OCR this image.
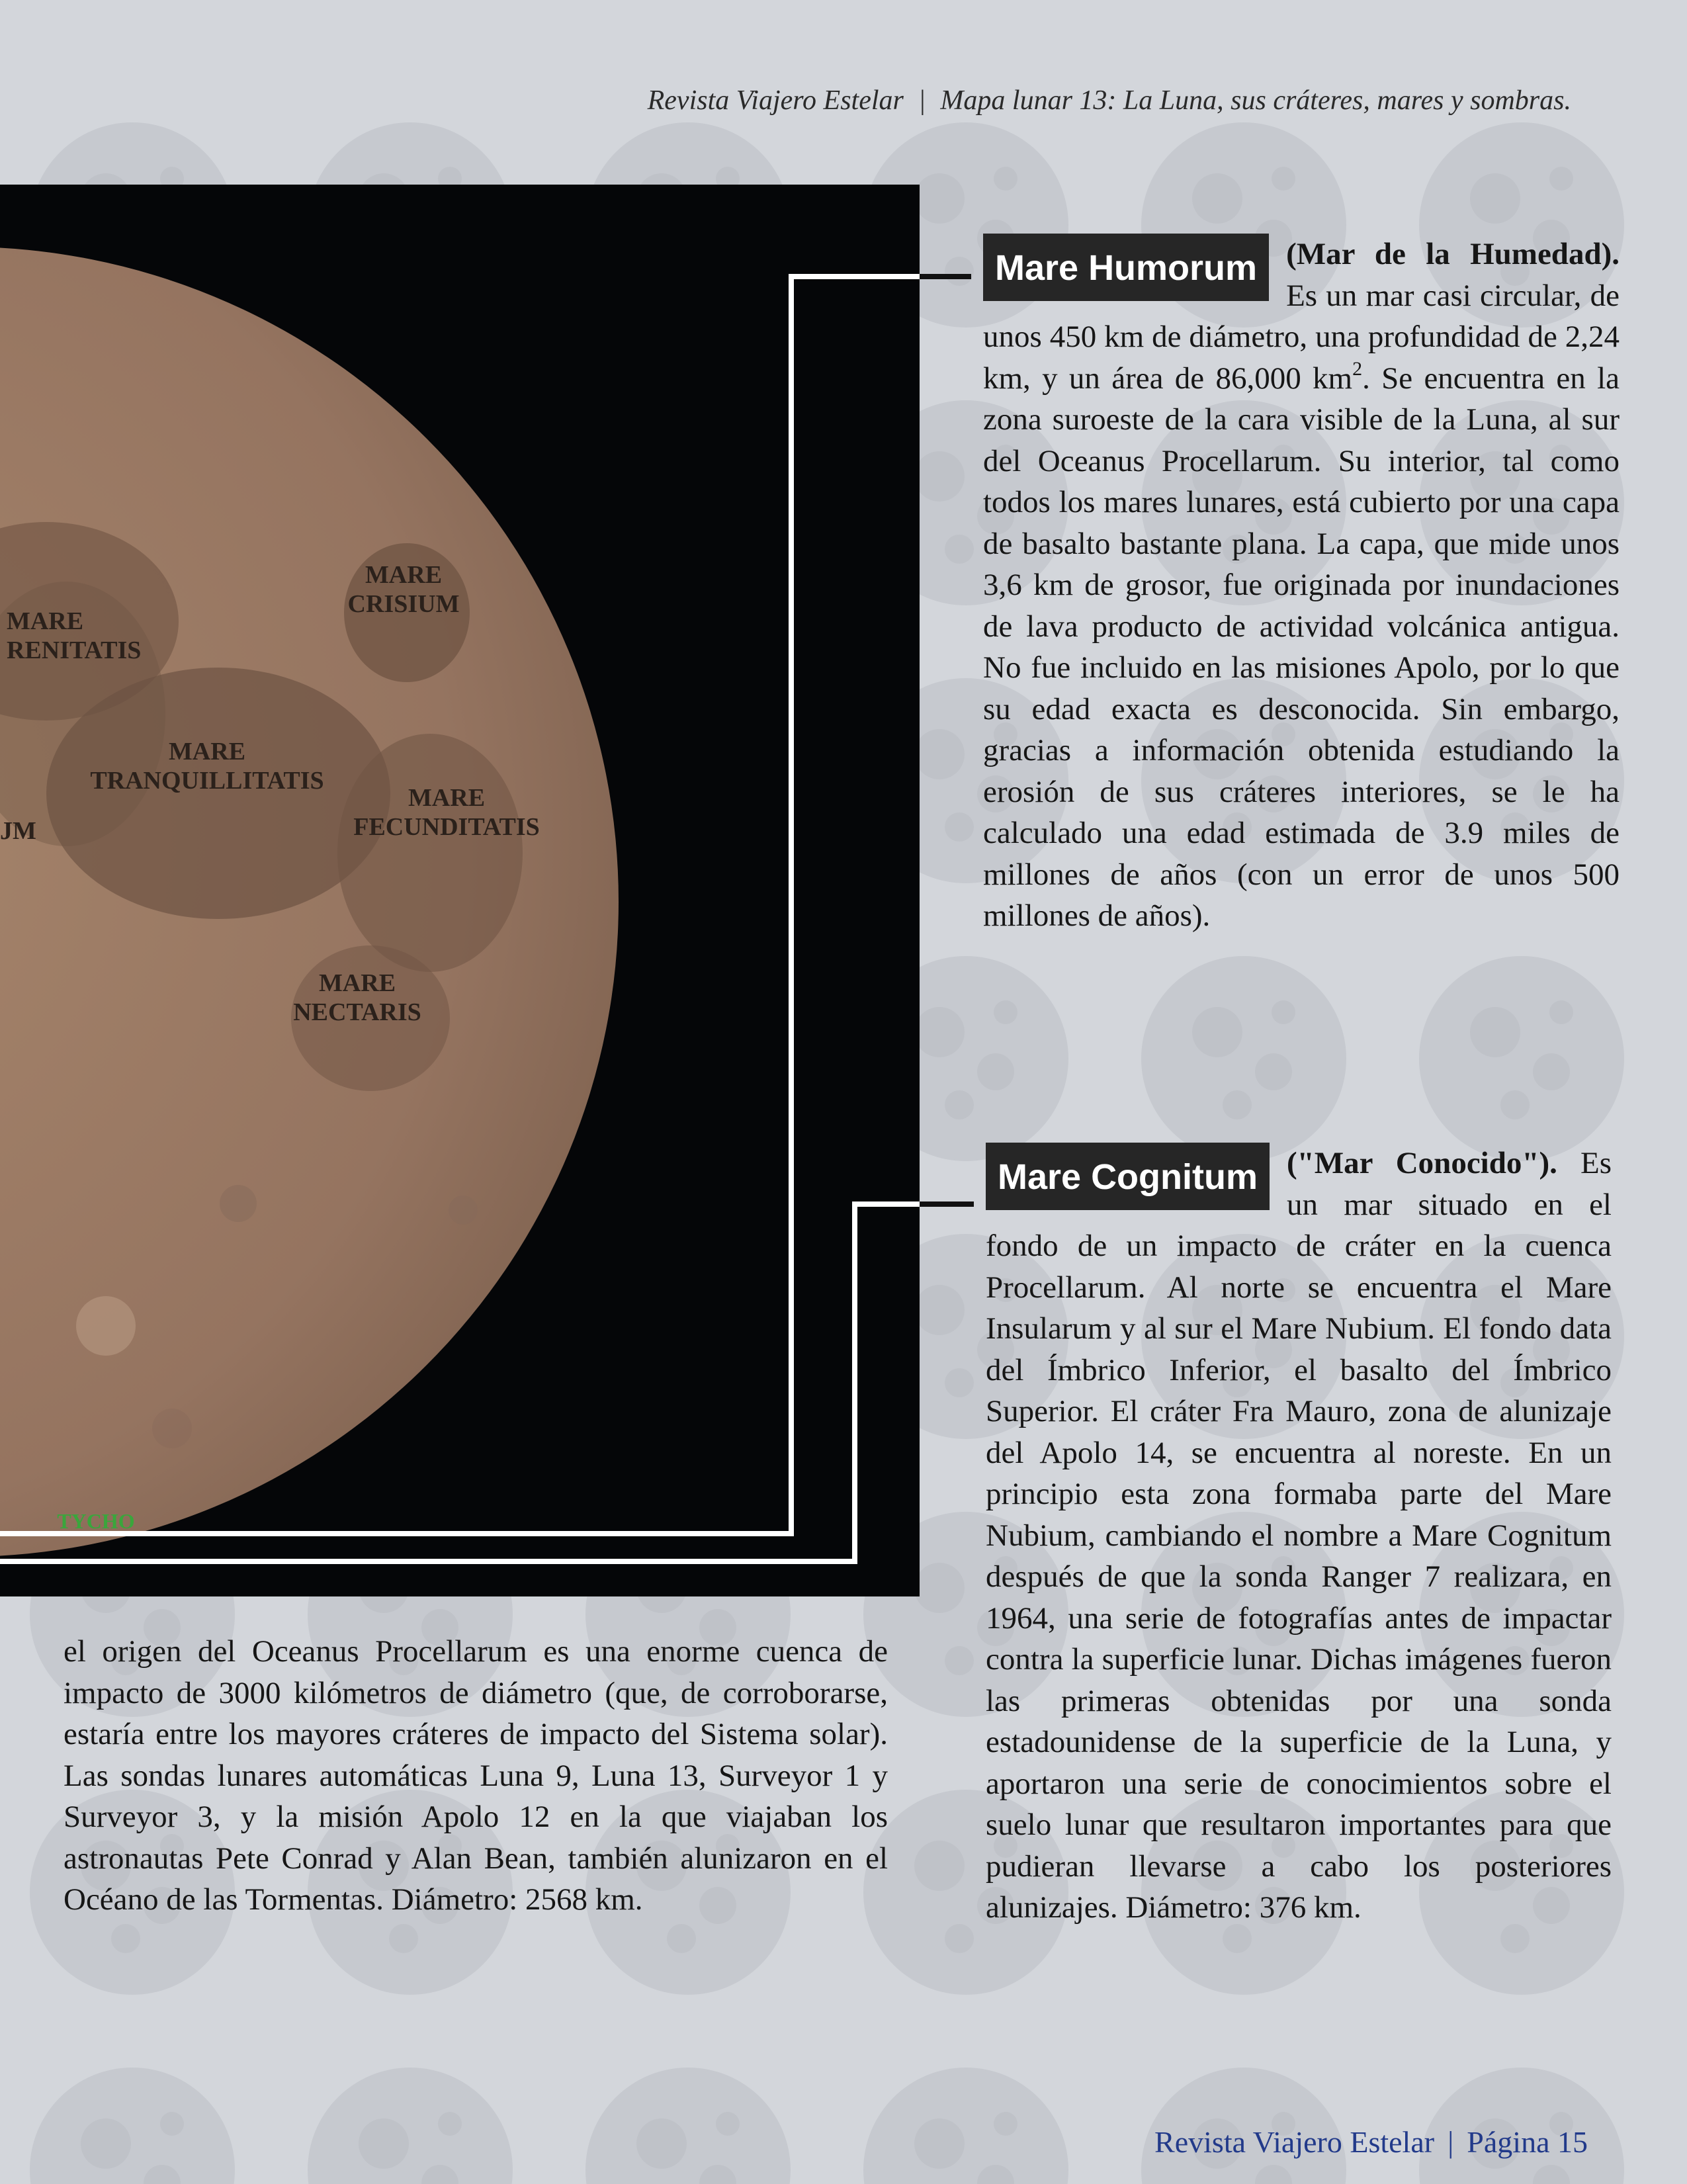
Revista Viajero Estelar | Mapa lunar 13: La Luna, sus cráteres, mares y sombras.
MARE
CRISIUM
MARE
RENITATIS
MARE
TRANQUILLITATIS
MARE
FECUNDITATIS
JM
MARE
NECTARIS
TYCHO

Mare Humorum (Mar de la Humedad). Es un mar casi circular, de unos 450 km de diámetro, una profundidad de 2,24 km, y un área de 86,000 $km^2$. Se encuentra en la zona suroeste de la cara visible de la Luna, al sur del Oceanus Procellarum. Su interior, tal como todos los mares lunares, está cubierto por una capa de basalto bastante plana. La capa, que mide unos 3,6 km de grosor, fue originada por inundaciones de lava producto de actividad volcánica antigua. No fue incluido en las misiones Apolo, por lo que su edad exacta es desconocida. Sin embargo, gracias a información obtenida estudiando la erosión de sus cráteres interiores, se le ha calculado una edad estimada de 3.9 miles de millones de años (con un error de unos 500 millones de años).

Mare Cognitum ("Mar Conocido"). Es un mar situado en el fondo de un impacto de cráter en la cuenca Procellarum. Al norte se encuentra el Mare Insularum y al sur el Mare Nubium. El fondo data del Ímbrico Inferior, el basalto del Ímbrico Superior. El cráter Fra Mauro, zona de alunizaje del Apolo 14, se encuentra al noreste. En un principio esta zona formaba parte del Mare Nubium, cambiando el nombre a Mare Cognitum después de que la sonda Ranger 7 realizara, en 1964, una serie de fotografías antes de impactar contra la superficie lunar. Dichas imágenes fueron las primeras obtenidas por una sonda estadounidense de la superficie de la Luna, y aportaron una serie de conocimientos sobre el suelo lunar que resultaron importantes para que pudieran llevarse a cabo los posteriores alunizajes. Diámetro: 376 km.

el origen del Oceanus Procellarum es una enorme cuenca de impacto de 3000 kilómetros de diámetro (que, de corroborarse, estaría entre los mayores cráteres de impacto del Sistema solar). Las sondas lunares automáticas Luna 9, Luna 13, Surveyor 1 y Surveyor 3, y la misión Apolo 12 en la que viajaban los astronautas Pete Conrad y Alan Bean, también alunizaron en el Océano de las Tormentas. Diámetro: 2568 km.

Revista Viajero Estelar | Página 15
